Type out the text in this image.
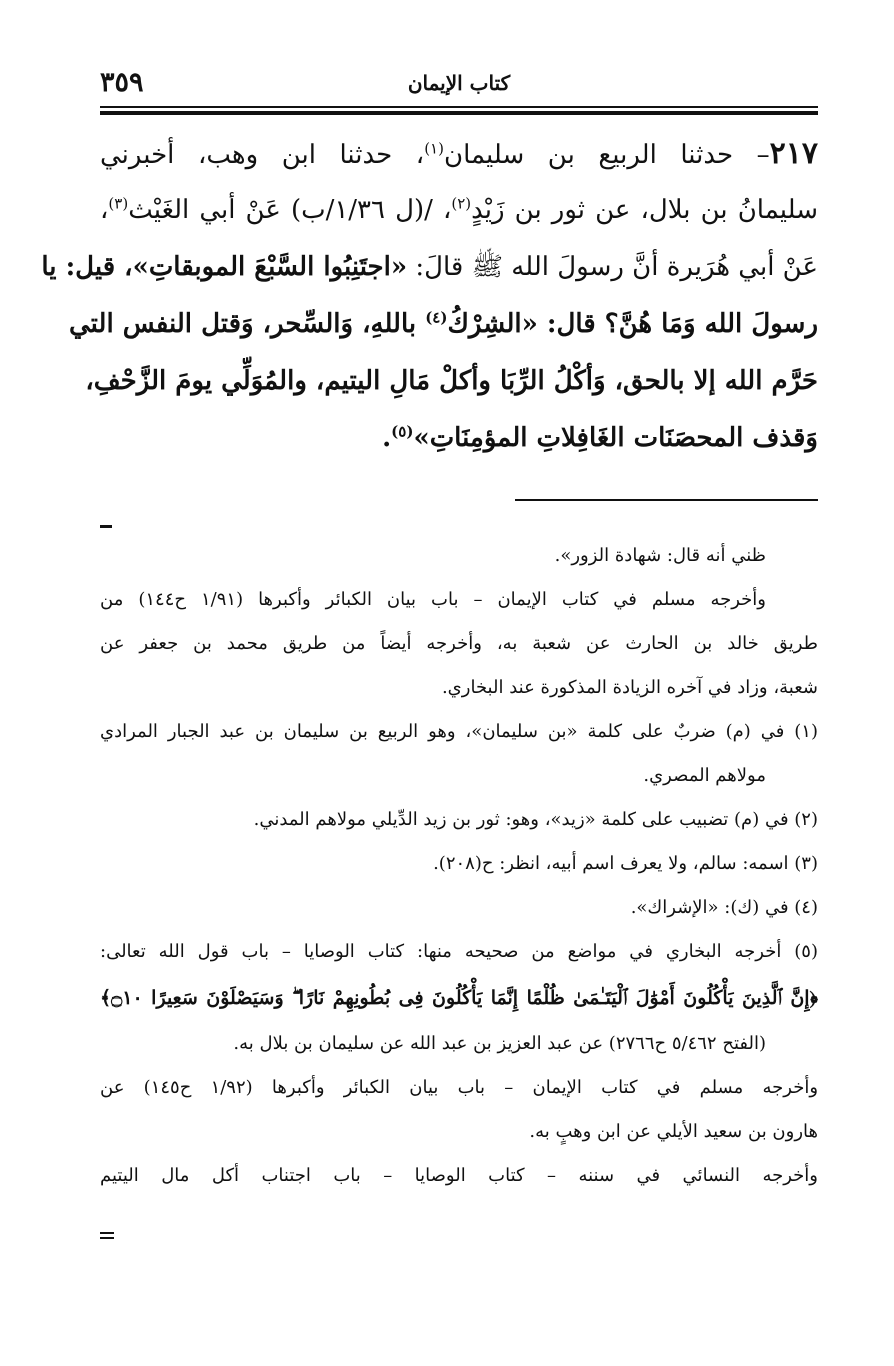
٣٥٩	كتاب الإيمان
٢١٧– حدثنا الربيع بن سليمان$^{(١)}$، حدثنا ابن وهب، أخبرني
سليمانُ بن بلال، عن ثور بن زَيْدٍ$^{(٢)}$، /(ل ١/٣٦/ب) عَنْ أبي الغَيْث$^{(٣)}$،
عَنْ أبي هُرَيرة أنَّ رسولَ الله ﷺ قالَ: «اجتَنِبُوا السَّبْعَ الموبقاتِ»، قيل: يا
رسولَ الله وَمَا هُنَّ؟ قال: «الشِرْكُ$^{(٤)}$ باللهِ، وَالسِّحر، وَقتل النفس التي
حَرَّم الله إلا بالحق، وَأكْلُ الرِّبَا وأكلْ مَالِ اليتيم، والمُوَلِّي يومَ الزَّحْفِ،
وَقذف المحصَنَات الغَافِلاتِ المؤمِنَاتِ»$^{(٥)}$.
ظني أنه قال: شهادة الزور».
وأخرجه مسلم في كتاب الإيمان – باب بيان الكبائر وأكبرها (١/٩١ ح١٤٤) من
طريق خالد بن الحارث عن شعبة به، وأخرجه أيضاً من طريق محمد بن جعفر عن
شعبة، وزاد في آخره الزيادة المذكورة عند البخاري.
(١) في (م) ضربٌ على كلمة «بن سليمان»، وهو الربيع بن سليمان بن عبد الجبار المرادي
مولاهم المصري.
(٢) في (م) تضبيب على كلمة «زيد»، وهو: ثور بن زيد الدِّيلي مولاهم المدني.
(٣) اسمه: سالم، ولا يعرف اسم أبيه، انظر: ح(٢٠٨).
(٤) في (ك): «الإشراك».
(٥) أخرجه البخاري في مواضع من صحيحه منها: كتاب الوصايا – باب قول الله تعالى:
﴿إِنَّ ٱلَّذِينَ يَأْكُلُونَ أَمْوَٰلَ ٱلْيَتَـٰمَىٰ ظُلْمًا إِنَّمَا يَأْكُلُونَ فِى بُطُونِهِمْ نَارًا ۖ وَسَيَصْلَوْنَ سَعِيرًا ۝١٠﴾
(الفتح ٥/٤٦٢ ح٢٧٦٦) عن عبد العزيز بن عبد الله عن سليمان بن بلال به.
وأخرجه مسلم في كتاب الإيمان – باب بيان الكبائر وأكبرها (١/٩٢ ح١٤٥) عن
هارون بن سعيد الأيلي عن ابن وهبٍ به.
وأخرجه النسائي في سننه – كتاب الوصايا – باب اجتناب أكل مال اليتيم
